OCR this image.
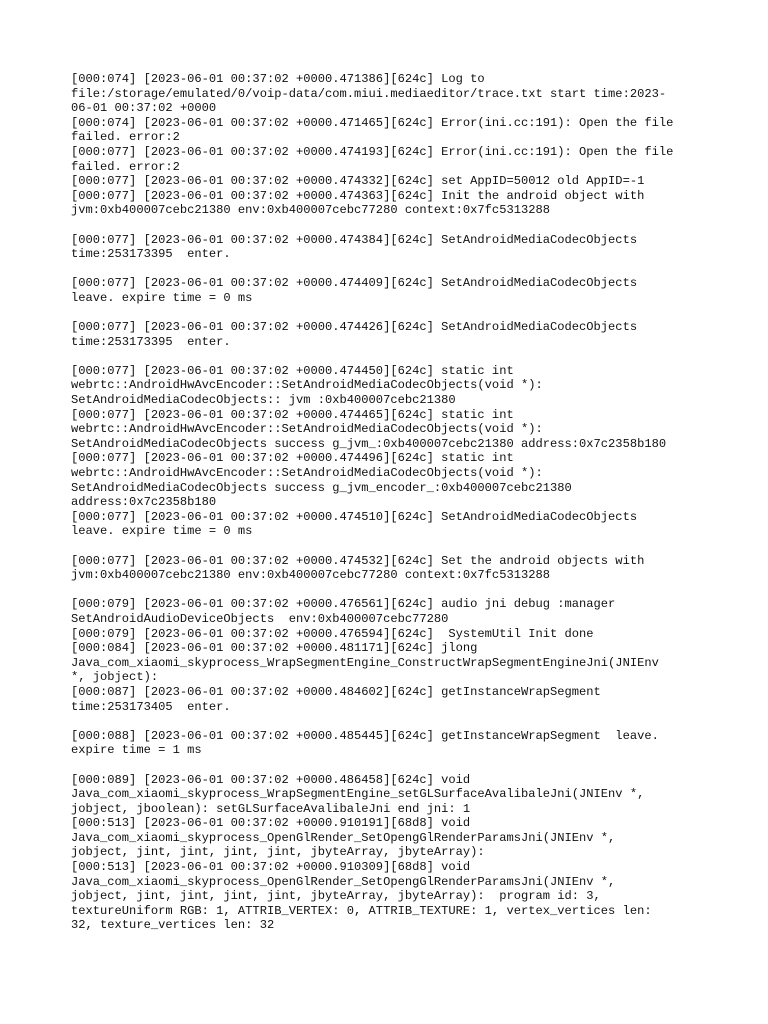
[000:074] [2023-06-01 00:37:02 +0000.471386][624c] Log to
file:/storage/emulated/0/voip-data/com.miui.mediaeditor/trace.txt start time:2023-
06-01 00:37:02 +0000
[000:074] [2023-06-01 00:37:02 +0000.471465][624c] Error(ini.cc:191): Open the file
failed. error:2
[000:077] [2023-06-01 00:37:02 +0000.474193][624c] Error(ini.cc:191): Open the file
failed. error:2
[000:077] [2023-06-01 00:37:02 +0000.474332][624c] set AppID=50012 old AppID=-1
[000:077] [2023-06-01 00:37:02 +0000.474363][624c] Init the android object with
jvm:0xb400007cebc21380 env:0xb400007cebc77280 context:0x7fc5313288
[000:077] [2023-06-01 00:37:02 +0000.474384][624c] SetAndroidMediaCodecObjects
time:253173395  enter.
[000:077] [2023-06-01 00:37:02 +0000.474409][624c] SetAndroidMediaCodecObjects
leave. expire time = 0 ms
[000:077] [2023-06-01 00:37:02 +0000.474426][624c] SetAndroidMediaCodecObjects
time:253173395  enter.
[000:077] [2023-06-01 00:37:02 +0000.474450][624c] static int
webrtc::AndroidHwAvcEncoder::SetAndroidMediaCodecObjects(void *):
SetAndroidMediaCodecObjects:: jvm :0xb400007cebc21380
[000:077] [2023-06-01 00:37:02 +0000.474465][624c] static int
webrtc::AndroidHwAvcEncoder::SetAndroidMediaCodecObjects(void *):
SetAndroidMediaCodecObjects success g_jvm_:0xb400007cebc21380 address:0x7c2358b180
[000:077] [2023-06-01 00:37:02 +0000.474496][624c] static int
webrtc::AndroidHwAvcEncoder::SetAndroidMediaCodecObjects(void *):
SetAndroidMediaCodecObjects success g_jvm_encoder_:0xb400007cebc21380
address:0x7c2358b180
[000:077] [2023-06-01 00:37:02 +0000.474510][624c] SetAndroidMediaCodecObjects
leave. expire time = 0 ms
[000:077] [2023-06-01 00:37:02 +0000.474532][624c] Set the android objects with
jvm:0xb400007cebc21380 env:0xb400007cebc77280 context:0x7fc5313288
[000:079] [2023-06-01 00:37:02 +0000.476561][624c] audio jni debug :manager
SetAndroidAudioDeviceObjects  env:0xb400007cebc77280
[000:079] [2023-06-01 00:37:02 +0000.476594][624c]  SystemUtil Init done
[000:084] [2023-06-01 00:37:02 +0000.481171][624c] jlong
Java_com_xiaomi_skyprocess_WrapSegmentEngine_ConstructWrapSegmentEngineJni(JNIEnv
*, jobject):
[000:087] [2023-06-01 00:37:02 +0000.484602][624c] getInstanceWrapSegment
time:253173405  enter.
[000:088] [2023-06-01 00:37:02 +0000.485445][624c] getInstanceWrapSegment  leave.
expire time = 1 ms
[000:089] [2023-06-01 00:37:02 +0000.486458][624c] void
Java_com_xiaomi_skyprocess_WrapSegmentEngine_setGLSurfaceAvalibaleJni(JNIEnv *,
jobject, jboolean): setGLSurfaceAvalibaleJni end jni: 1
[000:513] [2023-06-01 00:37:02 +0000.910191][68d8] void
Java_com_xiaomi_skyprocess_OpenGlRender_SetOpengGlRenderParamsJni(JNIEnv *,
jobject, jint, jint, jint, jint, jbyteArray, jbyteArray):
[000:513] [2023-06-01 00:37:02 +0000.910309][68d8] void
Java_com_xiaomi_skyprocess_OpenGlRender_SetOpengGlRenderParamsJni(JNIEnv *,
jobject, jint, jint, jint, jint, jbyteArray, jbyteArray):  program id: 3,
textureUniform RGB: 1, ATTRIB_VERTEX: 0, ATTRIB_TEXTURE: 1, vertex_vertices len:
32, texture_vertices len: 32
